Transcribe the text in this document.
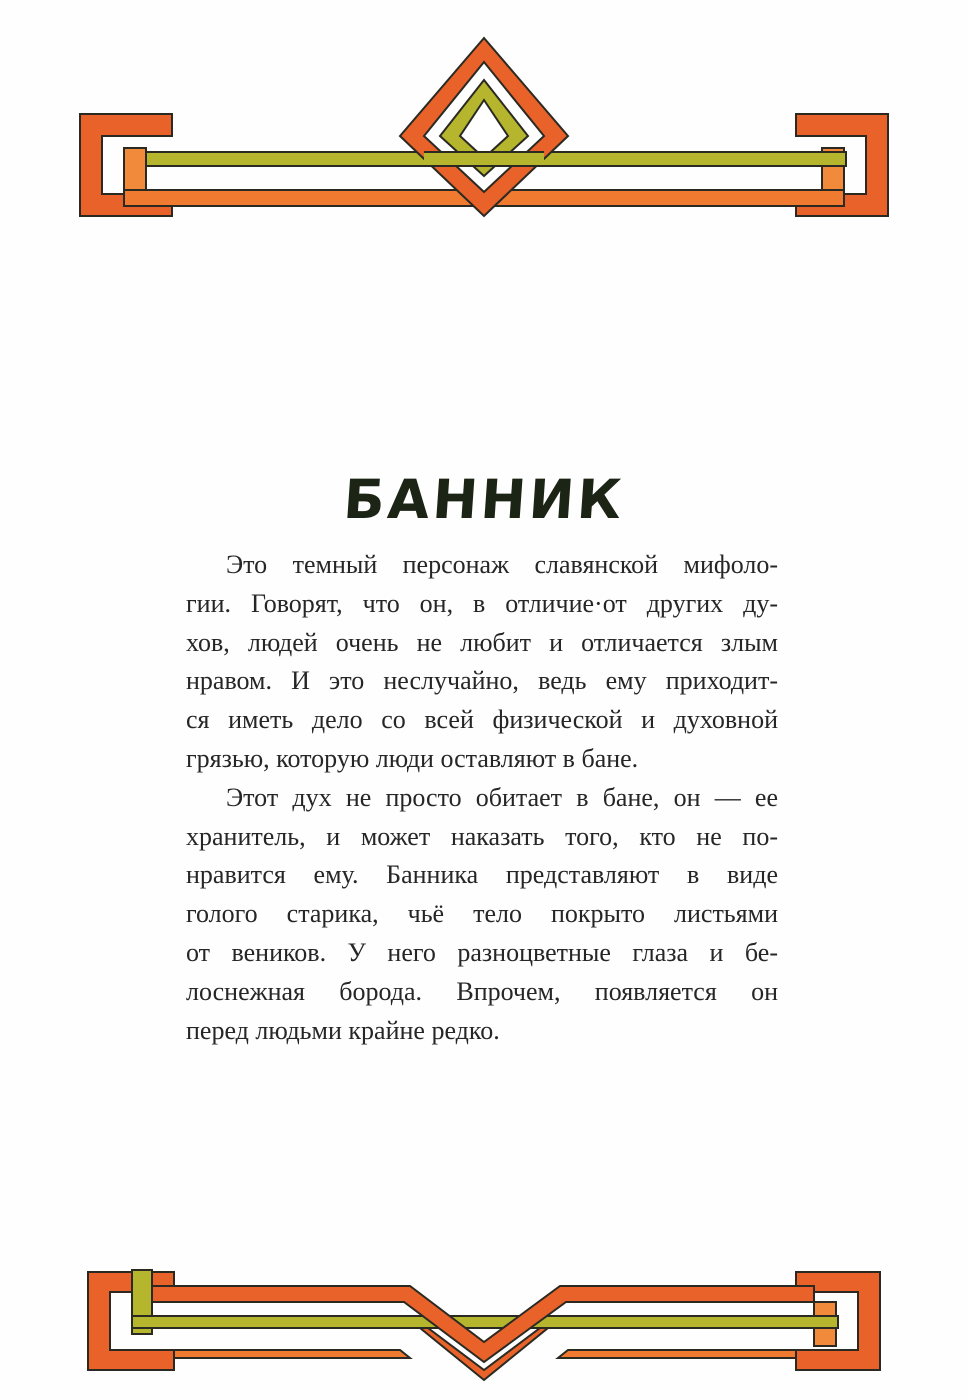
БАННИК
Это темный персонаж славянской мифоло-
гии. Говорят, что он, в отличие·от других ду-
хов, людей очень не любит и отличается злым
нравом. И это неслучайно, ведь ему приходит-
ся иметь дело со всей физической и духовной
грязью, которую люди оставляют в бане.
Этот дух не просто обитает в бане, он — ее
хранитель, и может наказать того, кто не по-
нравится ему. Банника представляют в виде
голого старика, чьё тело покрыто листьями
от веников. У него разноцветные глаза и бе-
лоснежная борода. Впрочем, появляется он
перед людьми крайне редко.
